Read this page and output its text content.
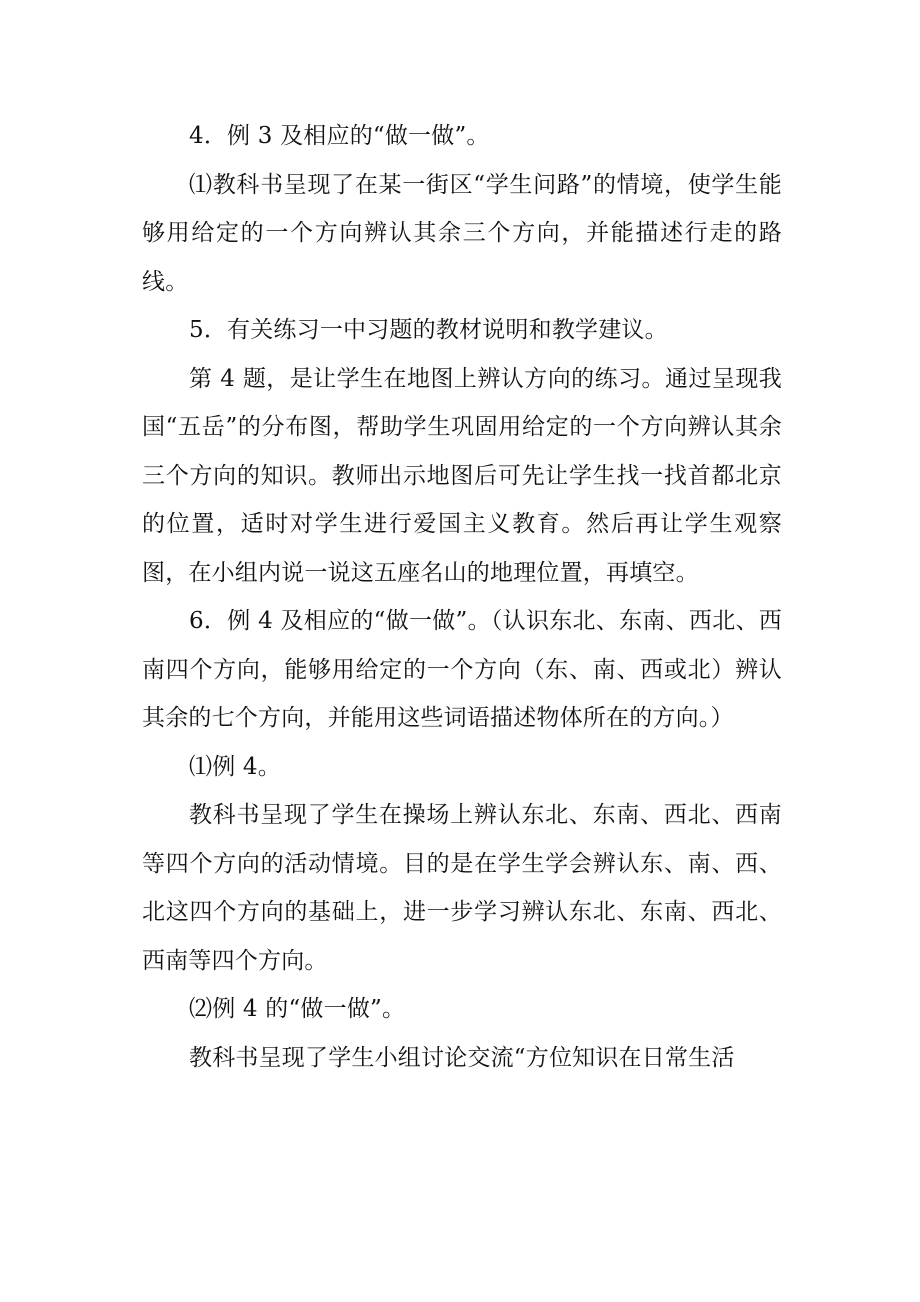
4．例 3 及相应的“做一做”。

⑴教科书呈现了在某一街区“学生问路”的情境，使学生能够用给定的一个方向辨认其余三个方向，并能描述行走的路线。

5．有关练习一中习题的教材说明和教学建议。

第 4 题，是让学生在地图上辨认方向的练习。通过呈现我国“五岳”的分布图，帮助学生巩固用给定的一个方向辨认其余三个方向的知识。教师出示地图后可先让学生找一找首都北京的位置，适时对学生进行爱国主义教育。然后再让学生观察图，在小组内说一说这五座名山的地理位置，再填空。

6．例 4 及相应的“做一做”。（认识东北、东南、西北、西南四个方向，能够用给定的一个方向（东、南、西或北）辨认其余的七个方向，并能用这些词语描述物体所在的方向。）

⑴例 4。

教科书呈现了学生在操场上辨认东北、东南、西北、西南等四个方向的活动情境。目的是在学生学会辨认东、南、西、北这四个方向的基础上，进一步学习辨认东北、东南、西北、西南等四个方向。

⑵例 4 的“做一做”。

教科书呈现了学生小组讨论交流“方位知识在日常生活
